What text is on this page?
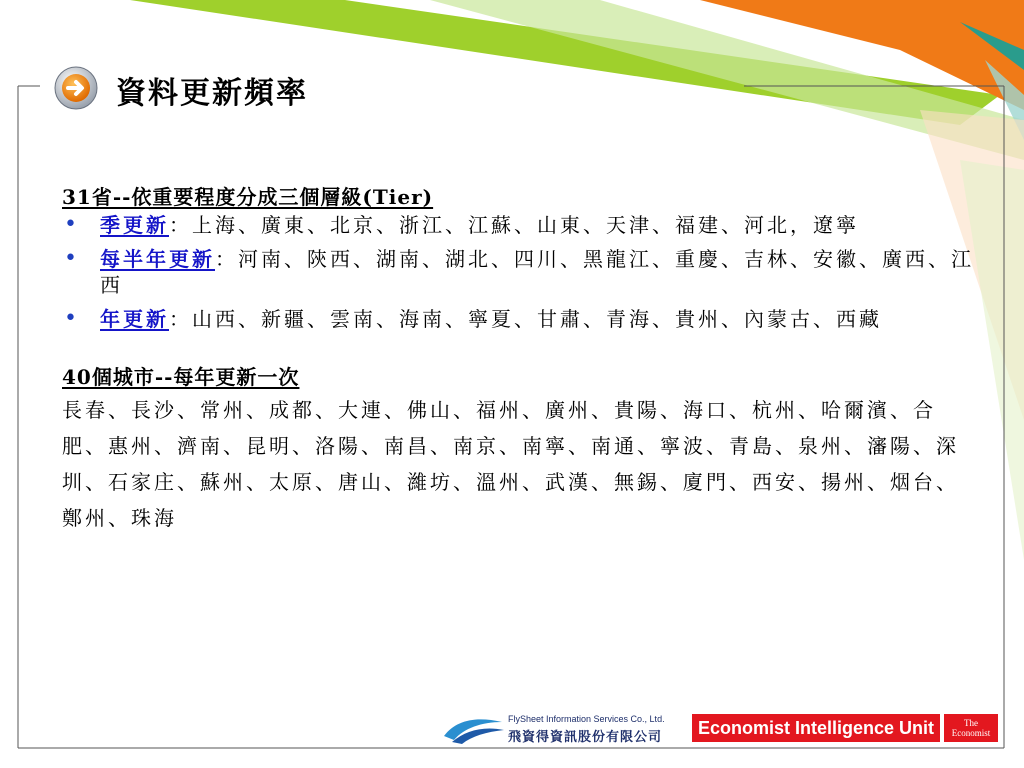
資料更新頻率
31省--依重要程度分成三個層級(Tier)
• 季更新：上海、廣東、北京、浙江、江蘇、山東、天津、福建、河北，遼寧
• 每半年更新：河南、陝西、湖南、湖北、四川、黑龍江、重慶、吉林、安徽、廣西、江西
• 年更新：山西、新疆、雲南、海南、寧夏、甘肅、青海、貴州、內蒙古、西藏
40個城市--每年更新一次

長春、長沙、常州、成都、大連、佛山、福州、廣州、貴陽、海口、杭州、哈爾濱、合肥、惠州、濟南、昆明、洛陽、南昌、南京、南寧、南通、寧波、青島、泉州、瀋陽、深圳、石家庄、蘇州、太原、唐山、濰坊、溫州、武漢、無錫、廈門、西安、揚州、烟台、鄭州、珠海

FlySheet Information Services Co., Ltd.
飛資得資訊股份有限公司	Economist Intelligence Unit	The
Economist
